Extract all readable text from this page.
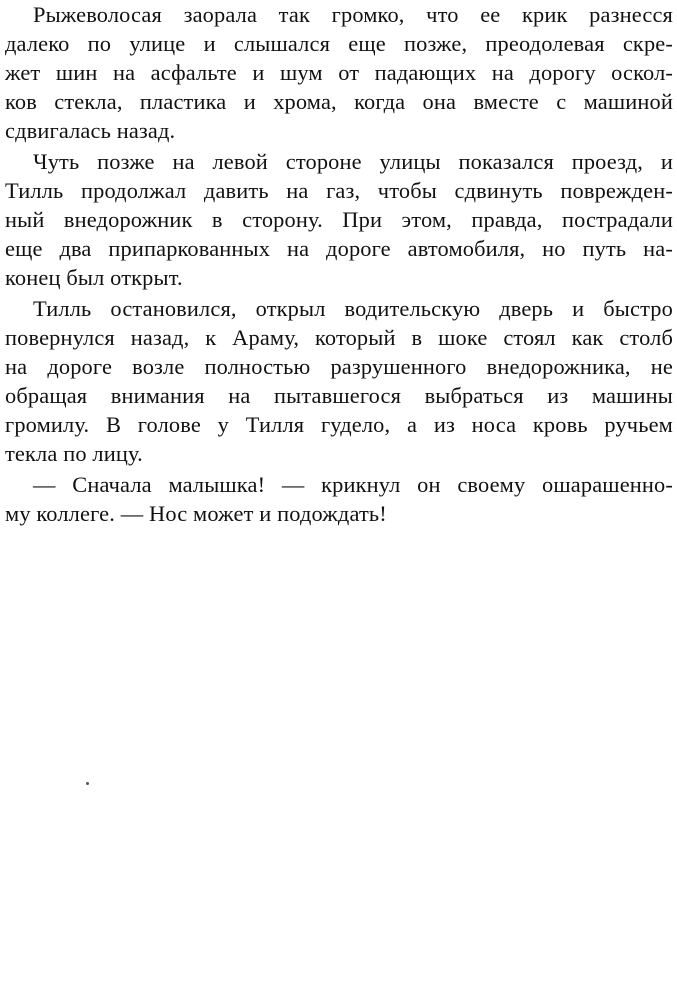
Рыжеволосая заорала так громко, что ее крик разнесся
далеко по улице и слышался еще позже, преодолевая скре-
жет шин на асфальте и шум от падающих на дорогу оскол-
ков стекла, пластика и хрома, когда она вместе с машиной
сдвигалась назад.
Чуть позже на левой стороне улицы показался проезд, и
Тилль продолжал давить на газ, чтобы сдвинуть поврежден-
ный внедорожник в сторону. При этом, правда, пострадали
еще два припаркованных на дороге автомобиля, но путь на-
конец был открыт.
Тилль остановился, открыл водительскую дверь и быстро
повернулся назад, к Араму, который в шоке стоял как столб
на дороге возле полностью разрушенного внедорожника, не
обращая внимания на пытавшегося выбраться из машины
громилу. В голове у Тилля гудело, а из носа кровь ручьем
текла по лицу.
— Сначала малышка! — крикнул он своему ошарашенно-
му коллеге. — Нос может и подождать!
